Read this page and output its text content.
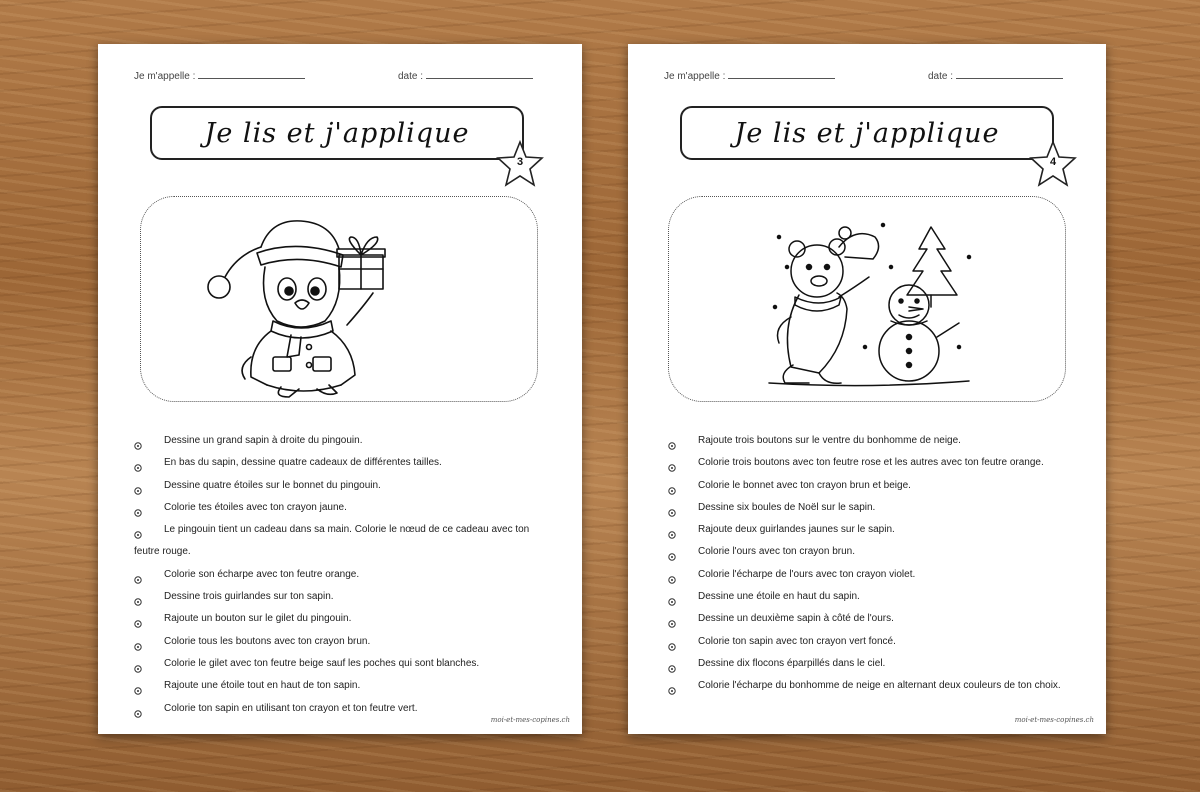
Je m'appelle :	date :
Je lis et j'applique
3
Dessine un grand sapin à droite du pingouin.
En bas du sapin, dessine quatre cadeaux de différentes tailles.
Dessine quatre étoiles sur le bonnet du pingouin.
Colorie tes étoiles avec ton crayon jaune.
Le pingouin tient un cadeau dans sa main. Colorie le nœud de ce cadeau avec ton feutre rouge.
Colorie son écharpe avec ton feutre orange.
Dessine trois guirlandes sur ton sapin.
Rajoute un bouton sur le gilet du pingouin.
Colorie tous les boutons avec ton crayon brun.
Colorie le gilet avec ton feutre beige sauf les poches qui sont blanches.
Rajoute une étoile tout en haut de ton sapin.
Colorie ton sapin en utilisant ton crayon et ton feutre vert.
moi-et-mes-copines.ch
Je m'appelle :	date :
Je lis et j'applique
4
Rajoute trois boutons sur le ventre du bonhomme de neige.
Colorie trois boutons avec ton feutre rose et les autres avec ton feutre orange.
Colorie le bonnet avec ton crayon brun et beige.
Dessine six boules de Noël sur le sapin.
Rajoute deux guirlandes jaunes sur le sapin.
Colorie l'ours avec ton crayon brun.
Colorie l'écharpe de l'ours avec ton crayon violet.
Dessine une étoile en haut du sapin.
Dessine un deuxième sapin à côté de l'ours.
Colorie ton sapin avec ton crayon vert foncé.
Dessine dix flocons éparpillés dans le ciel.
Colorie l'écharpe du bonhomme de neige en alternant deux couleurs de ton choix.
moi-et-mes-copines.ch
